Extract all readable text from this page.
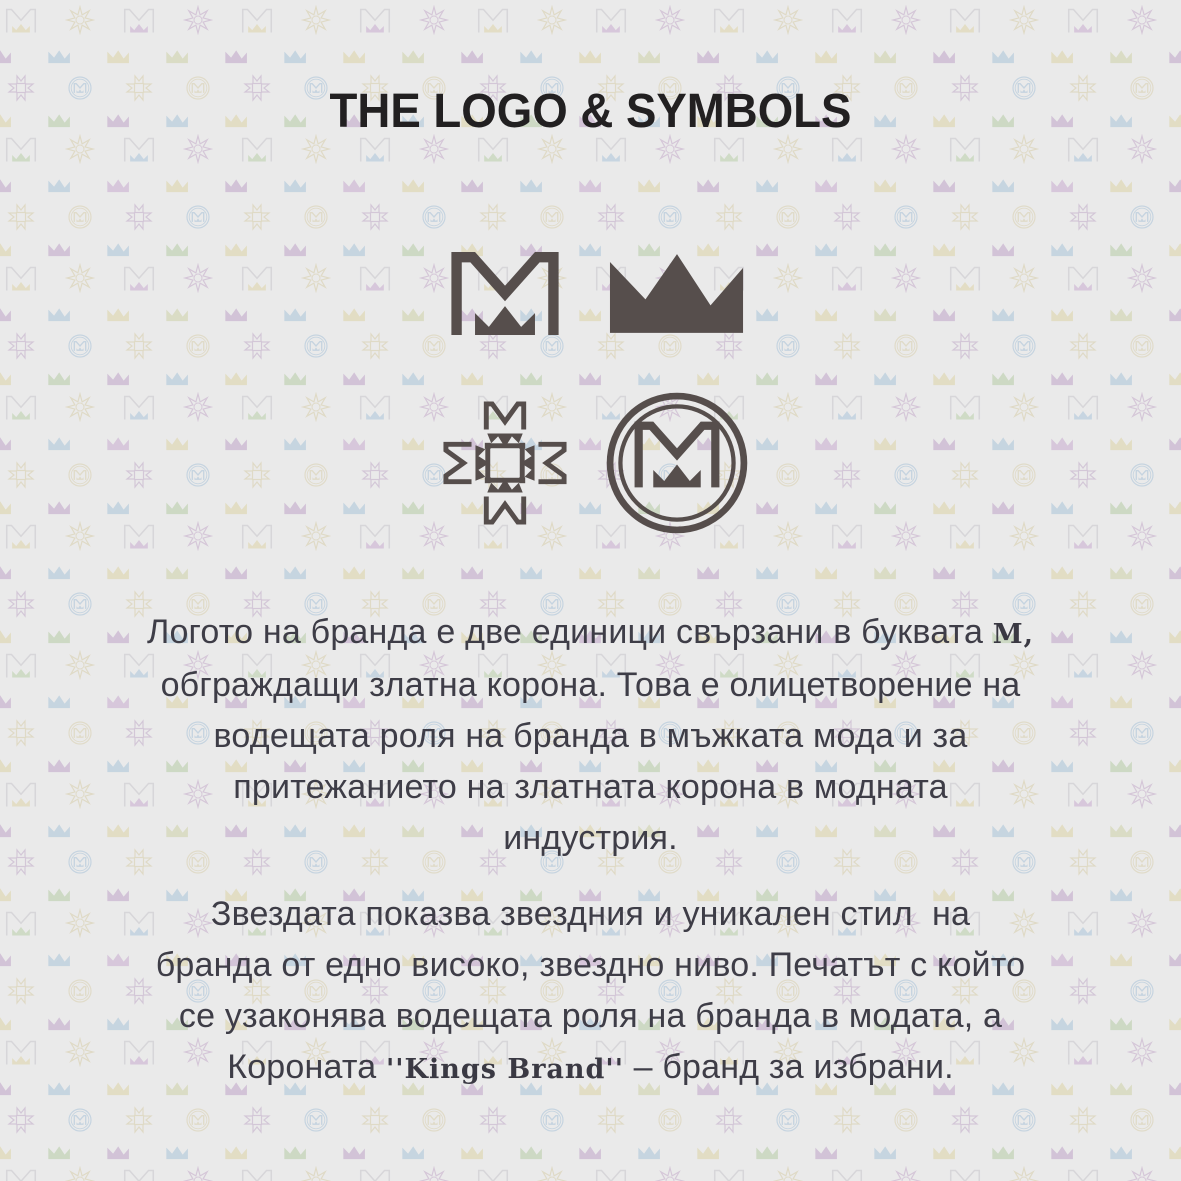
THE LOGO & SYMBOLS
Логото на бранда е две единици свързани в буквата M,
обграждащи златна корона. Това е олицетворение на
водещата роля на бранда в мъжката мода и за
притежанието на златната корона в модната
индустрия.
Звездата показва звездния и уникален стил  на
бранда от едно високо, звездно ниво. Печатът с който
се узаконява водещата роля на бранда в модата, а
Короната ''Kings Brand'' – бранд за избрани.
